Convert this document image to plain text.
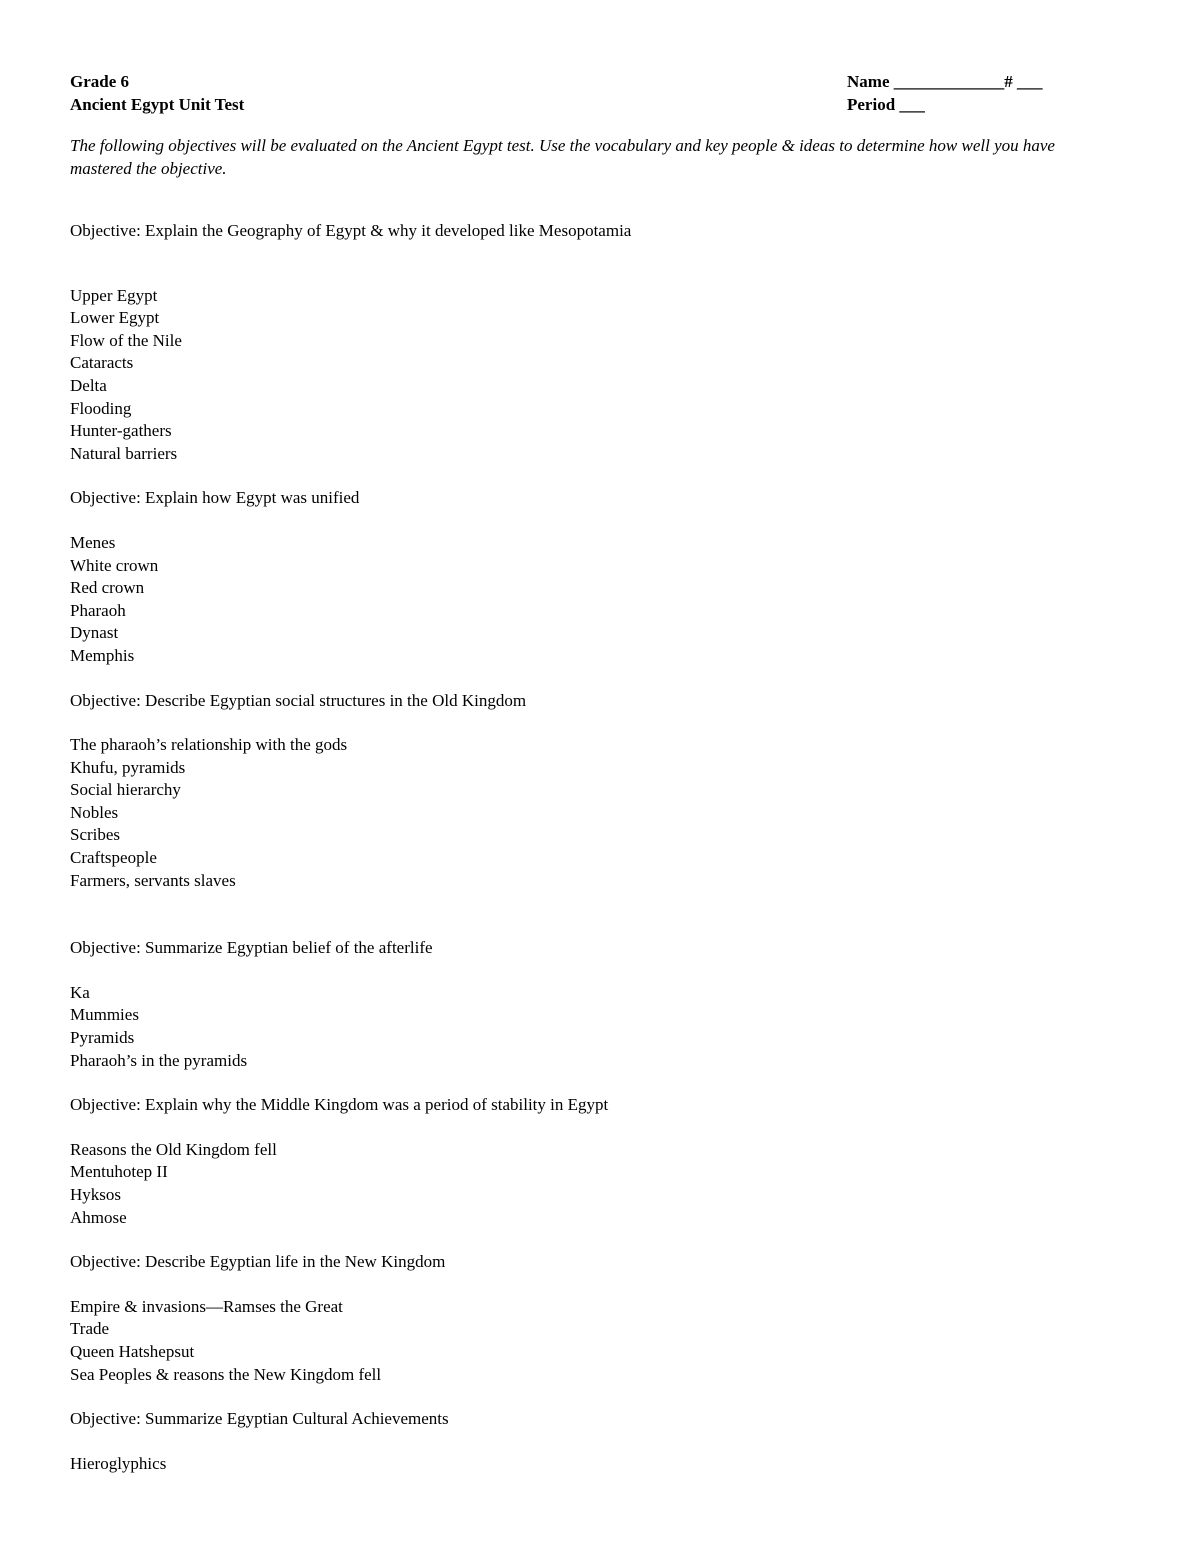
Grade 6
Ancient Egypt Unit Test
Name _____________# ___
Period ___
The following objectives will be evaluated on the Ancient Egypt test. Use the vocabulary and key people & ideas to determine how well you have mastered the objective.
Objective: Explain the Geography of Egypt & why it developed like Mesopotamia
Upper Egypt
Lower Egypt
Flow of the Nile
Cataracts
Delta
Flooding
Hunter-gathers
Natural barriers
Objective: Explain how Egypt was unified
Menes
White crown
Red crown
Pharaoh
Dynast
Memphis
Objective: Describe Egyptian social structures in the Old Kingdom
The pharaoh’s relationship with the gods
Khufu, pyramids
Social hierarchy
Nobles
Scribes
Craftspeople
Farmers, servants slaves
Objective: Summarize Egyptian belief of the afterlife
Ka
Mummies
Pyramids
Pharaoh’s in the pyramids
Objective: Explain why the Middle Kingdom was a period of stability in Egypt
Reasons the Old Kingdom fell
Mentuhotep II
Hyksos
Ahmose
Objective: Describe Egyptian life in the New Kingdom
Empire & invasions—Ramses the Great
Trade
Queen Hatshepsut
Sea Peoples & reasons the New Kingdom fell
Objective: Summarize Egyptian Cultural Achievements
Hieroglyphics
